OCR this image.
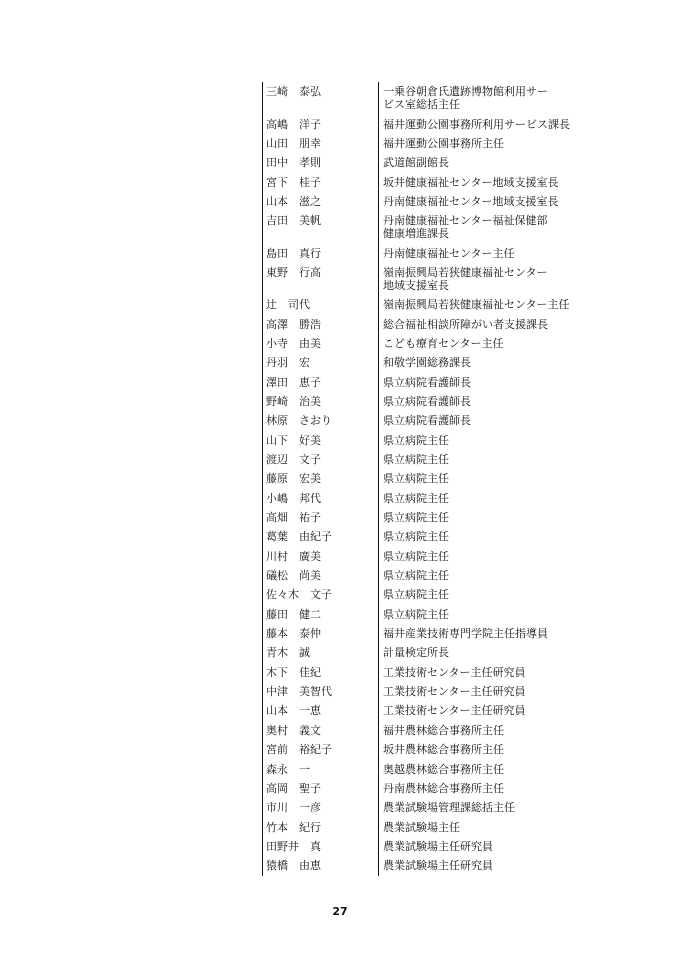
三崎　泰弘	一乗谷朝倉氏遺跡博物館利用サー
ビス室総括主任
高嶋　洋子	福井運動公園事務所利用サービス課長
山田　朋幸	福井運動公園事務所主任
田中　孝則	武道館副館長
宮下　桂子	坂井健康福祉センター地域支援室長
山本　滋之	丹南健康福祉センター地域支援室長
吉田　美帆	丹南健康福祉センター福祉保健部
健康増進課長
島田　真行	丹南健康福祉センター主任
東野　行高	嶺南振興局若狭健康福祉センター
地域支援室長
辻　司代	嶺南振興局若狭健康福祉センター主任
高澤　勝浩	総合福祉相談所障がい者支援課長
小寺　由美	こども療育センター主任
丹羽　宏	和敬学園総務課長
澤田　恵子	県立病院看護師長
野崎　治美	県立病院看護師長
林原　さおり	県立病院看護師長
山下　好美	県立病院主任
渡辺　文子	県立病院主任
藤原　宏美	県立病院主任
小嶋　邦代	県立病院主任
高畑　祐子	県立病院主任
葛葉　由紀子	県立病院主任
川村　廣美	県立病院主任
礒松　尚美	県立病院主任
佐々木　文子	県立病院主任
藤田　健二	県立病院主任
藤本　泰仲	福井産業技術専門学院主任指導員
青木　誠	計量検定所長
木下　佳紀	工業技術センター主任研究員
中津　美智代	工業技術センター主任研究員
山本　一恵	工業技術センター主任研究員
奥村　義文	福井農林総合事務所主任
宮前　裕紀子	坂井農林総合事務所主任
森永　一	奥越農林総合事務所主任
高岡　聖子	丹南農林総合事務所主任
市川　一彦	農業試験場管理課総括主任
竹本　紀行	農業試験場主任
田野井　真	農業試験場主任研究員
猿橋　由恵	農業試験場主任研究員
27
